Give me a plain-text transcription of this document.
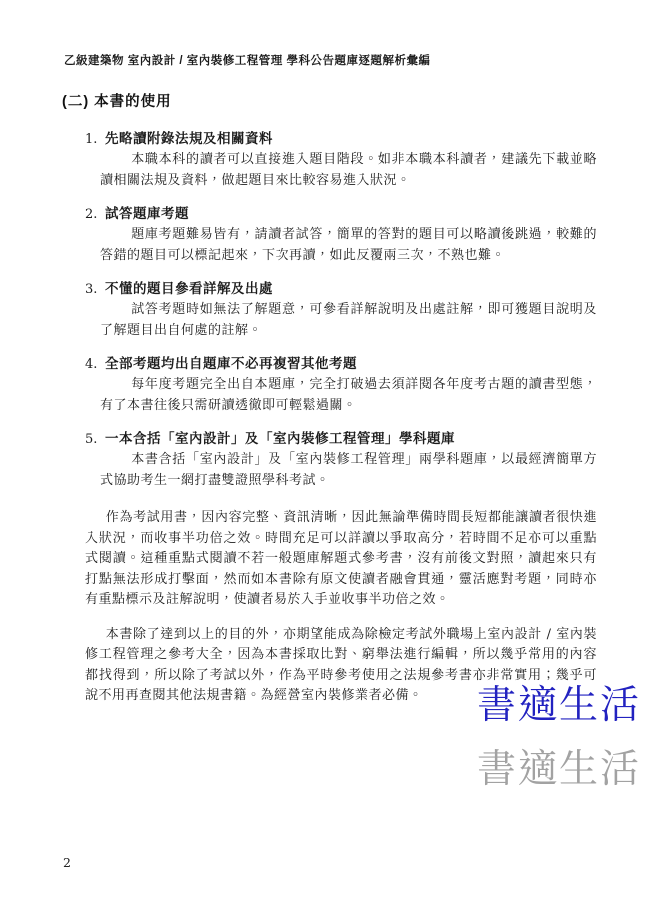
乙級建築物 室內設計 / 室內裝修工程管理 學科公告題庫逐題解析彙編
(二) 本書的使用
1. 先略讀附錄法規及相關資料

本職本科的讀者可以直接進入題目階段。如非本職本科讀者，建議先下載並略讀相關法規及資料，做起題目來比較容易進入狀況。

2. 試答題庫考題

題庫考題難易皆有，請讀者試答，簡單的答對的題目可以略讀後跳過，較難的答錯的題目可以標記起來，下次再讀，如此反覆兩三次，不熟也難。

3. 不懂的題目參看詳解及出處

試答考題時如無法了解題意，可參看詳解說明及出處註解，即可獲題目說明及了解題目出自何處的註解。

4. 全部考題均出自題庫不必再複習其他考題

每年度考題完全出自本題庫，完全打破過去須詳閱各年度考古題的讀書型態，有了本書往後只需研讀透徹即可輕鬆過關。

5. 一本含括「室內設計」及「室內裝修工程管理」學科題庫

本書含括「室內設計」及「室內裝修工程管理」兩學科題庫，以最經濟簡單方式協助考生一網打盡雙證照學科考試。

作為考試用書，因內容完整、資訊清晰，因此無論準備時間長短都能讓讀者很快進入狀況，而收事半功倍之效。時間充足可以詳讀以爭取高分，若時間不足亦可以重點式閱讀。這種重點式閱讀不若一般題庫解題式參考書，沒有前後文對照，讀起來只有打點無法形成打擊面，然而如本書除有原文使讀者融會貫通，靈活應對考題，同時亦有重點標示及註解說明，使讀者易於入手並收事半功倍之效。

本書除了達到以上的目的外，亦期望能成為除檢定考試外職場上室內設計 / 室內裝修工程管理之參考大全，因為本書採取比對、窮舉法進行編輯，所以幾乎常用的內容都找得到，所以除了考試以外，作為平時參考使用之法規參考書亦非常實用；幾乎可說不用再查閱其他法規書籍。為經營室內裝修業者必備。	書適生活
書適生活
2
